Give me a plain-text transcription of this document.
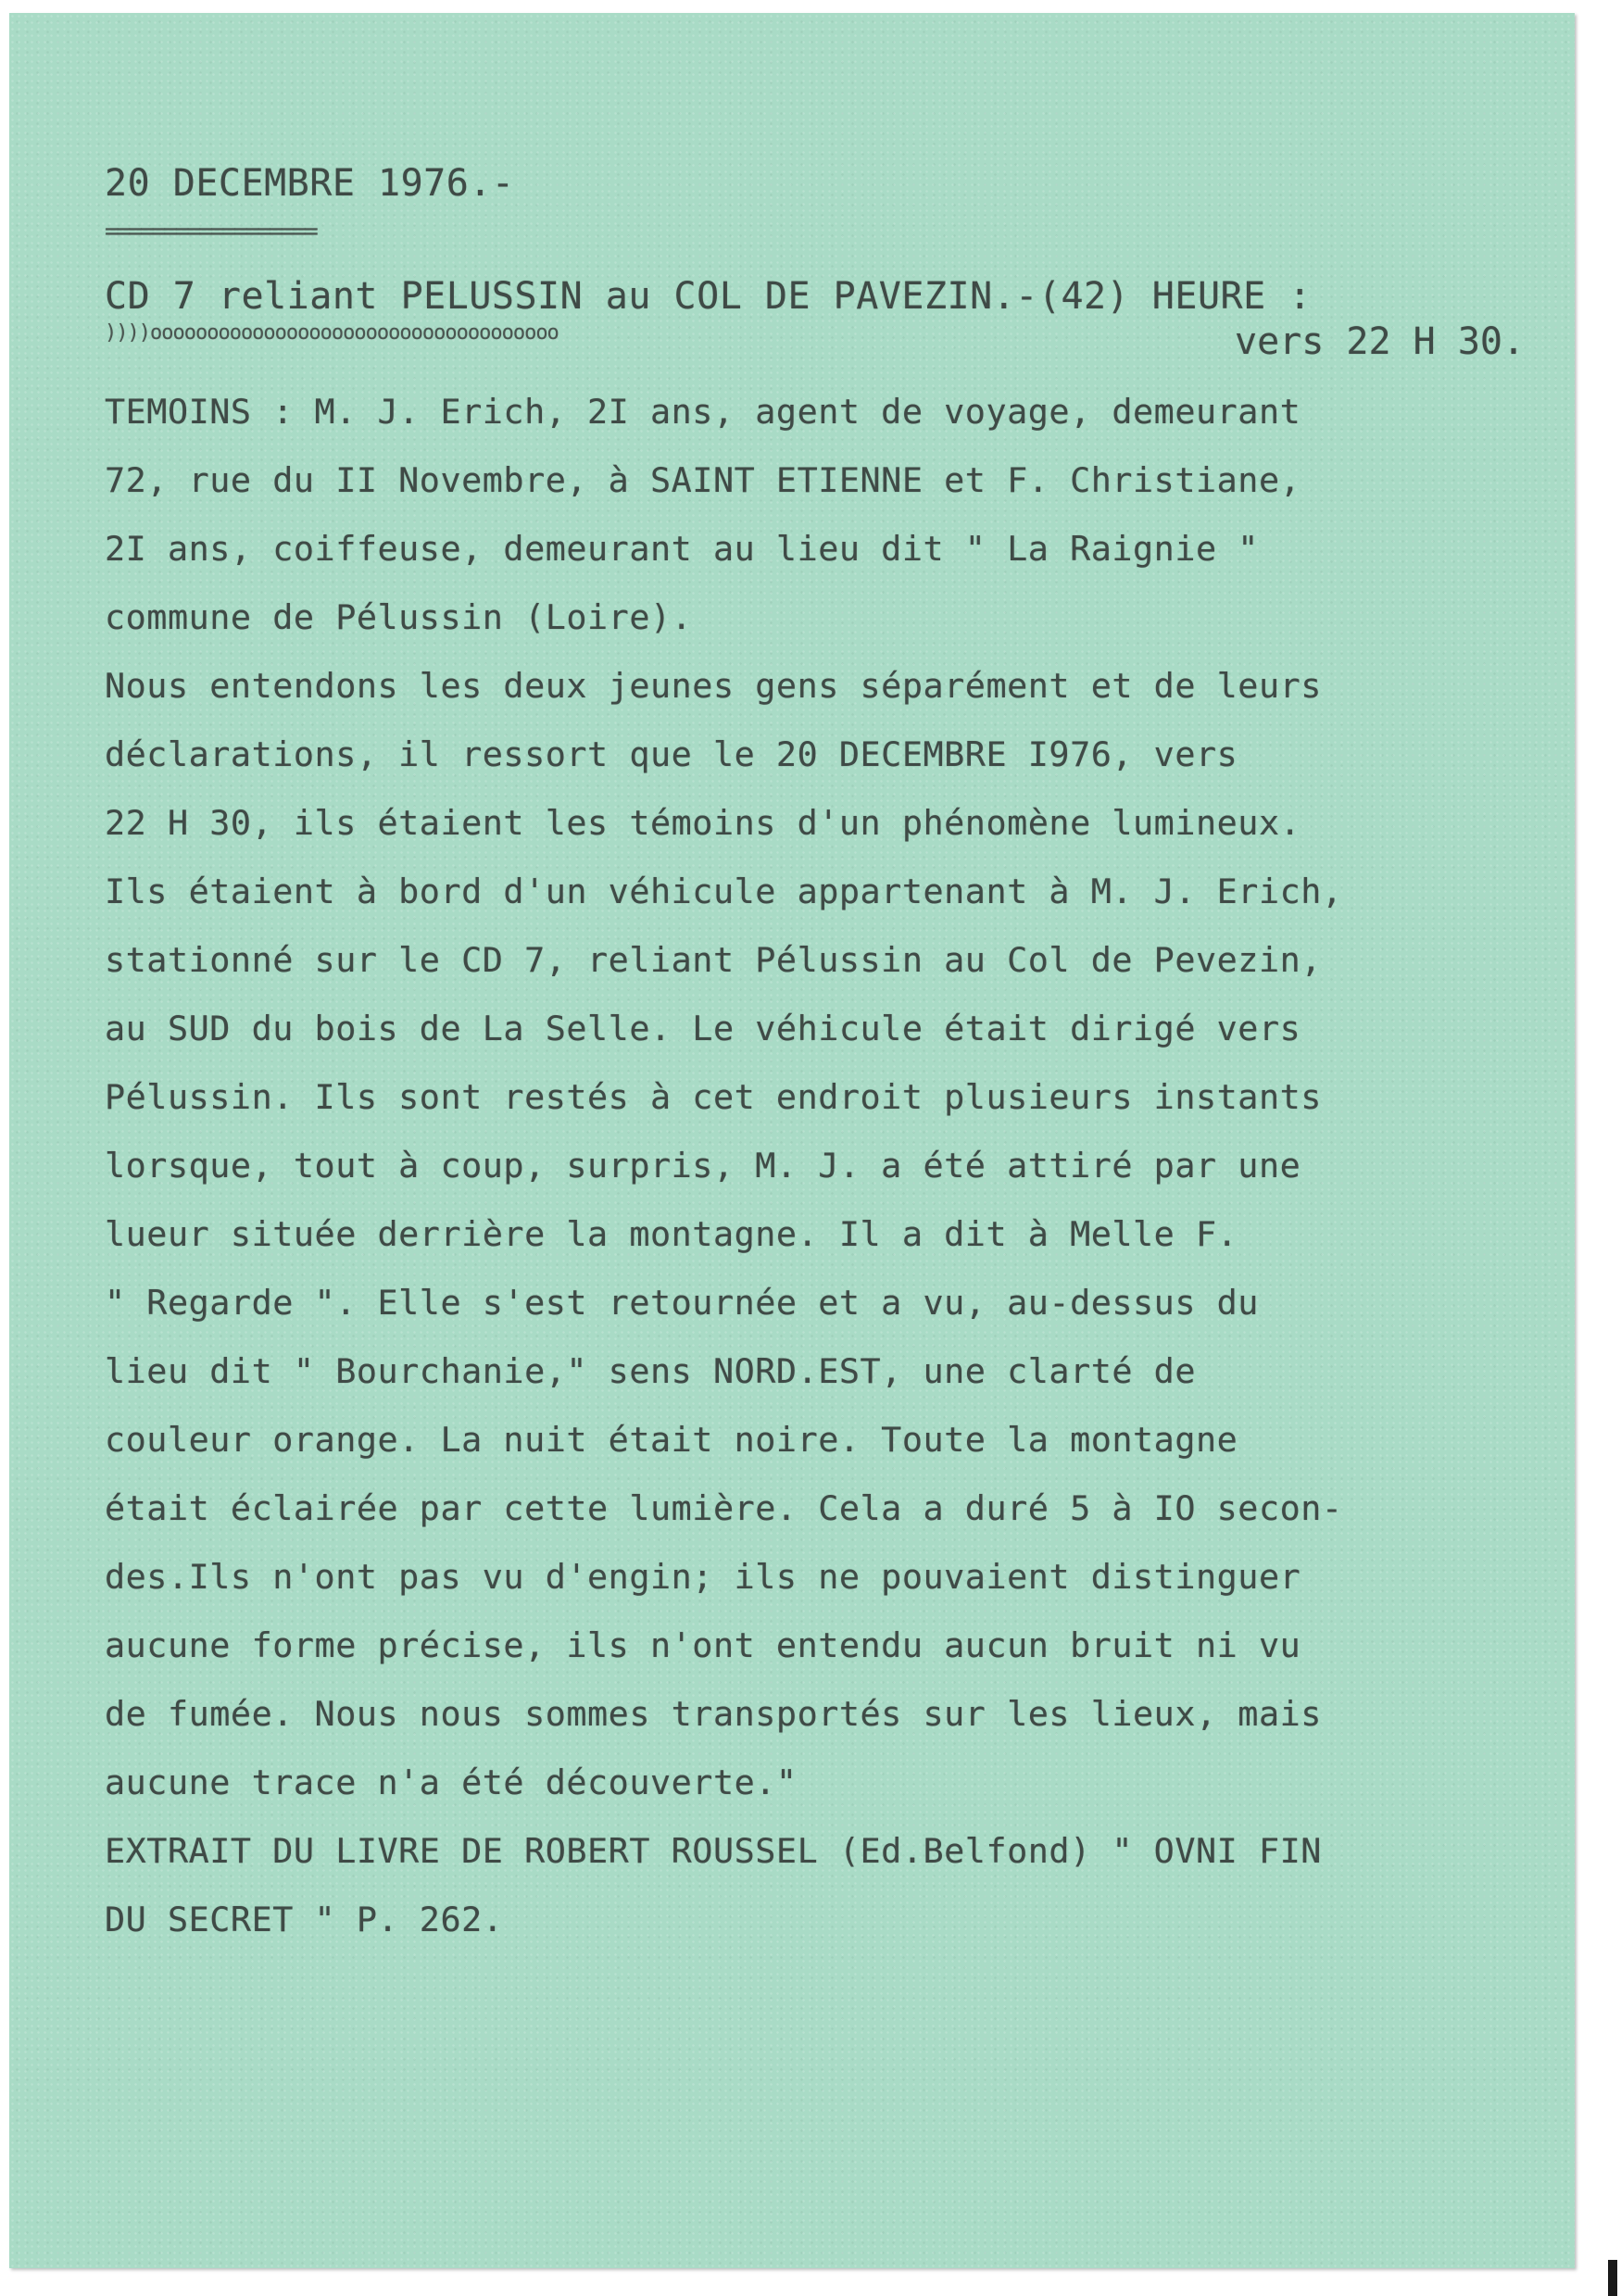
20 DECEMBRE 1976.-
==================
CD 7 reliant PELUSSIN au COL DE PAVEZIN.-(42) HEURE :
))))oooooooooooooooooooooooooooooooooooo	vers 22 H 30.
TEMOINS : M. J. Erich, 2I ans, agent de voyage, demeurant
72, rue du II Novembre, à SAINT ETIENNE et F. Christiane,
2I ans, coiffeuse, demeurant au lieu dit " La Raignie "
commune de Pélussin (Loire).
Nous entendons les deux jeunes gens séparément et de leurs
déclarations, il ressort que le 20 DECEMBRE I976, vers
22 H 30, ils étaient les témoins d'un phénomène lumineux.
Ils étaient à bord d'un véhicule appartenant à M. J. Erich,
stationné sur le CD 7, reliant Pélussin au Col de Pevezin,
au SUD du bois de La Selle. Le véhicule était dirigé vers
Pélussin. Ils sont restés à cet endroit plusieurs instants
lorsque, tout à coup, surpris, M. J. a été attiré par une
lueur située derrière la montagne. Il a dit à Melle F.
" Regarde ". Elle s'est retournée et a vu, au-dessus du
lieu dit " Bourchanie," sens NORD.EST, une clarté de
couleur orange. La nuit était noire. Toute la montagne
était éclairée par cette lumière. Cela a duré 5 à IO secon-
des.Ils n'ont pas vu d'engin; ils ne pouvaient distinguer
aucune forme précise, ils n'ont entendu aucun bruit ni vu
de fumée. Nous nous sommes transportés sur les lieux, mais
aucune trace n'a été découverte."
EXTRAIT DU LIVRE DE ROBERT ROUSSEL (Ed.Belfond) " OVNI FIN
DU SECRET " P. 262.
